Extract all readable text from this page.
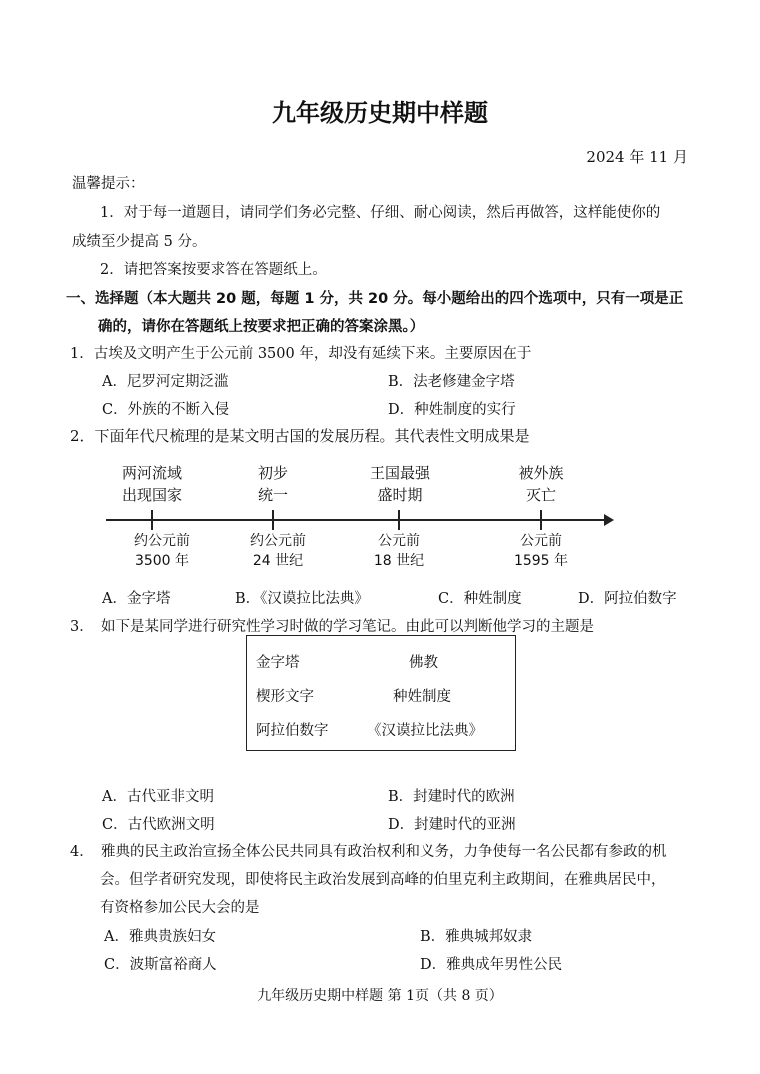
九年级历史期中样题
2024 年 11 月
温馨提示：
1．对于每一道题目，请同学们务必完整、仔细、耐心阅读，然后再做答，这样能使你的
成绩至少提高 5 分。
2．请把答案按要求答在答题纸上。
一、选择题（本大题共 20 题，每题 1 分，共 20 分。每小题给出的四个选项中，只有一项是正
确的，请你在答题纸上按要求把正确的答案涂黑。）
1．古埃及文明产生于公元前 3500 年，却没有延续下来。主要原因在于
A．尼罗河定期泛滥	B．法老修建金字塔
C．外族的不断入侵	D．种姓制度的实行
2．下面年代尺梳理的是某文明古国的发展历程。其代表性文明成果是
两河流域
出现国家
初步
统一
王国最强
盛时期
被外族
灭亡
约公元前
3500 年
约公元前
24 世纪
公元前
18 世纪
公元前
1595 年
A．金字塔	B．《汉谟拉比法典》	C．种姓制度	D．阿拉伯数字
3．　如下是某同学进行研究性学习时做的学习笔记。由此可以判断他学习的主题是
金字塔	佛教
楔形文字	种姓制度
阿拉伯数字	《汉谟拉比法典》
A．古代亚非文明	B．封建时代的欧洲
C．古代欧洲文明	D．封建时代的亚洲
4．　雅典的民主政治宣扬全体公民共同具有政治权利和义务，力争使每一名公民都有参政的机
会。但学者研究发现，即使将民主政治发展到高峰的伯里克利主政期间，在雅典居民中，
有资格参加公民大会的是
A．雅典贵族妇女	B．雅典城邦奴隶
C．波斯富裕商人	D．雅典成年男性公民
九年级历史期中样题 第 1页（共 8 页）
